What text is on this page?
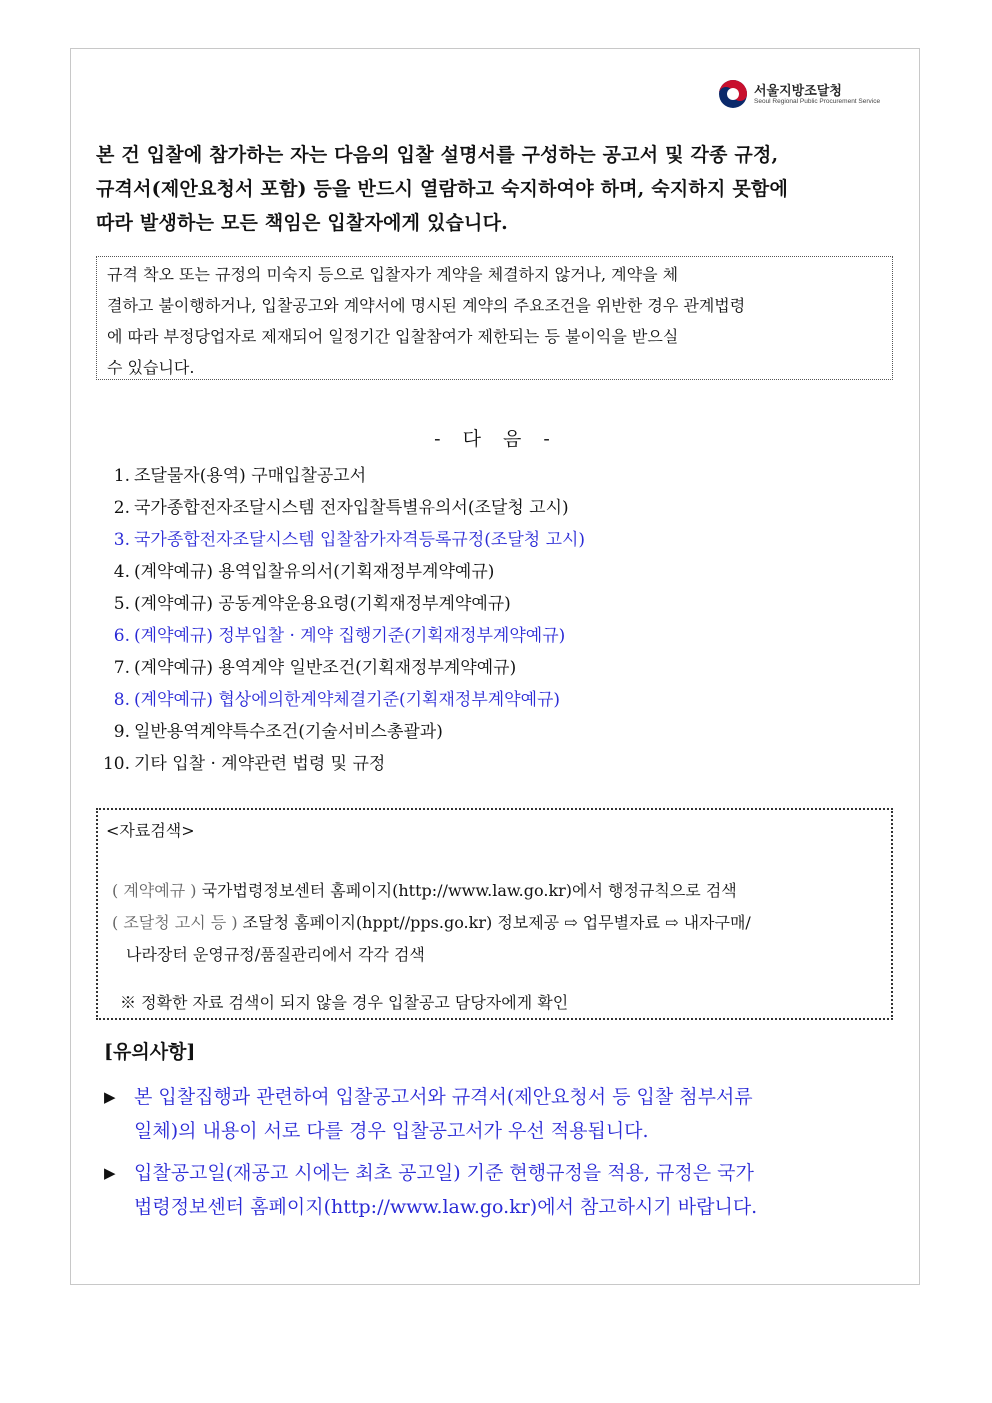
서울지방조달청
Seoul Regional Public Procurement Service
본 건 입찰에 참가하는 자는 다음의 입찰 설명서를 구성하는 공고서 및 각종 규정,
규격서(제안요청서 포함) 등을 반드시 열람하고 숙지하여야 하며, 숙지하지 못함에
따라 발생하는 모든 책임은 입찰자에게 있습니다.
규격 착오 또는 규정의 미숙지 등으로 입찰자가 계약을 체결하지 않거나, 계약을 체
결하고 불이행하거나, 입찰공고와 계약서에 명시된 계약의 주요조건을 위반한 경우 관계법령
에 따라 부정당업자로 제재되어 일정기간 입찰참여가 제한되는 등 불이익을 받으실
수 있습니다.
- 다 음 -
1. 조달물자(용역) 구매입찰공고서
2. 국가종합전자조달시스템 전자입찰특별유의서(조달청 고시)
3. 국가종합전자조달시스템 입찰참가자격등록규정(조달청 고시)
4. (계약예규) 용역입찰유의서(기획재정부계약예규)
5. (계약예규) 공동계약운용요령(기획재정부계약예규)
6. (계약예규) 정부입찰 · 계약 집행기준(기획재정부계약예규)
7. (계약예규) 용역계약 일반조건(기획재정부계약예규)
8. (계약예규) 협상에의한계약체결기준(기획재정부계약예규)
9. 일반용역계약특수조건(기술서비스총괄과)
10. 기타 입찰 · 계약관련 법령 및 규정
<자료검색>
( 계약예규 ) 국가법령정보센터 홈페이지(http://www.law.go.kr)에서 행정규칙으로 검색
( 조달청 고시 등 ) 조달청 홈페이지(hppt//pps.go.kr) 정보제공 ⇨ 업무별자료 ⇨ 내자구매/
나라장터 운영규정/품질관리에서 각각 검색
※ 정확한 자료 검색이 되지 않을 경우 입찰공고 담당자에게 확인
[유의사항]
▶ 본 입찰집행과 관련하여 입찰공고서와 규격서(제안요청서 등 입찰 첨부서류
일체)의 내용이 서로 다를 경우 입찰공고서가 우선 적용됩니다.
▶ 입찰공고일(재공고 시에는 최초 공고일) 기준 현행규정을 적용, 규정은 국가
법령정보센터 홈페이지(http://www.law.go.kr)에서 참고하시기 바랍니다.
